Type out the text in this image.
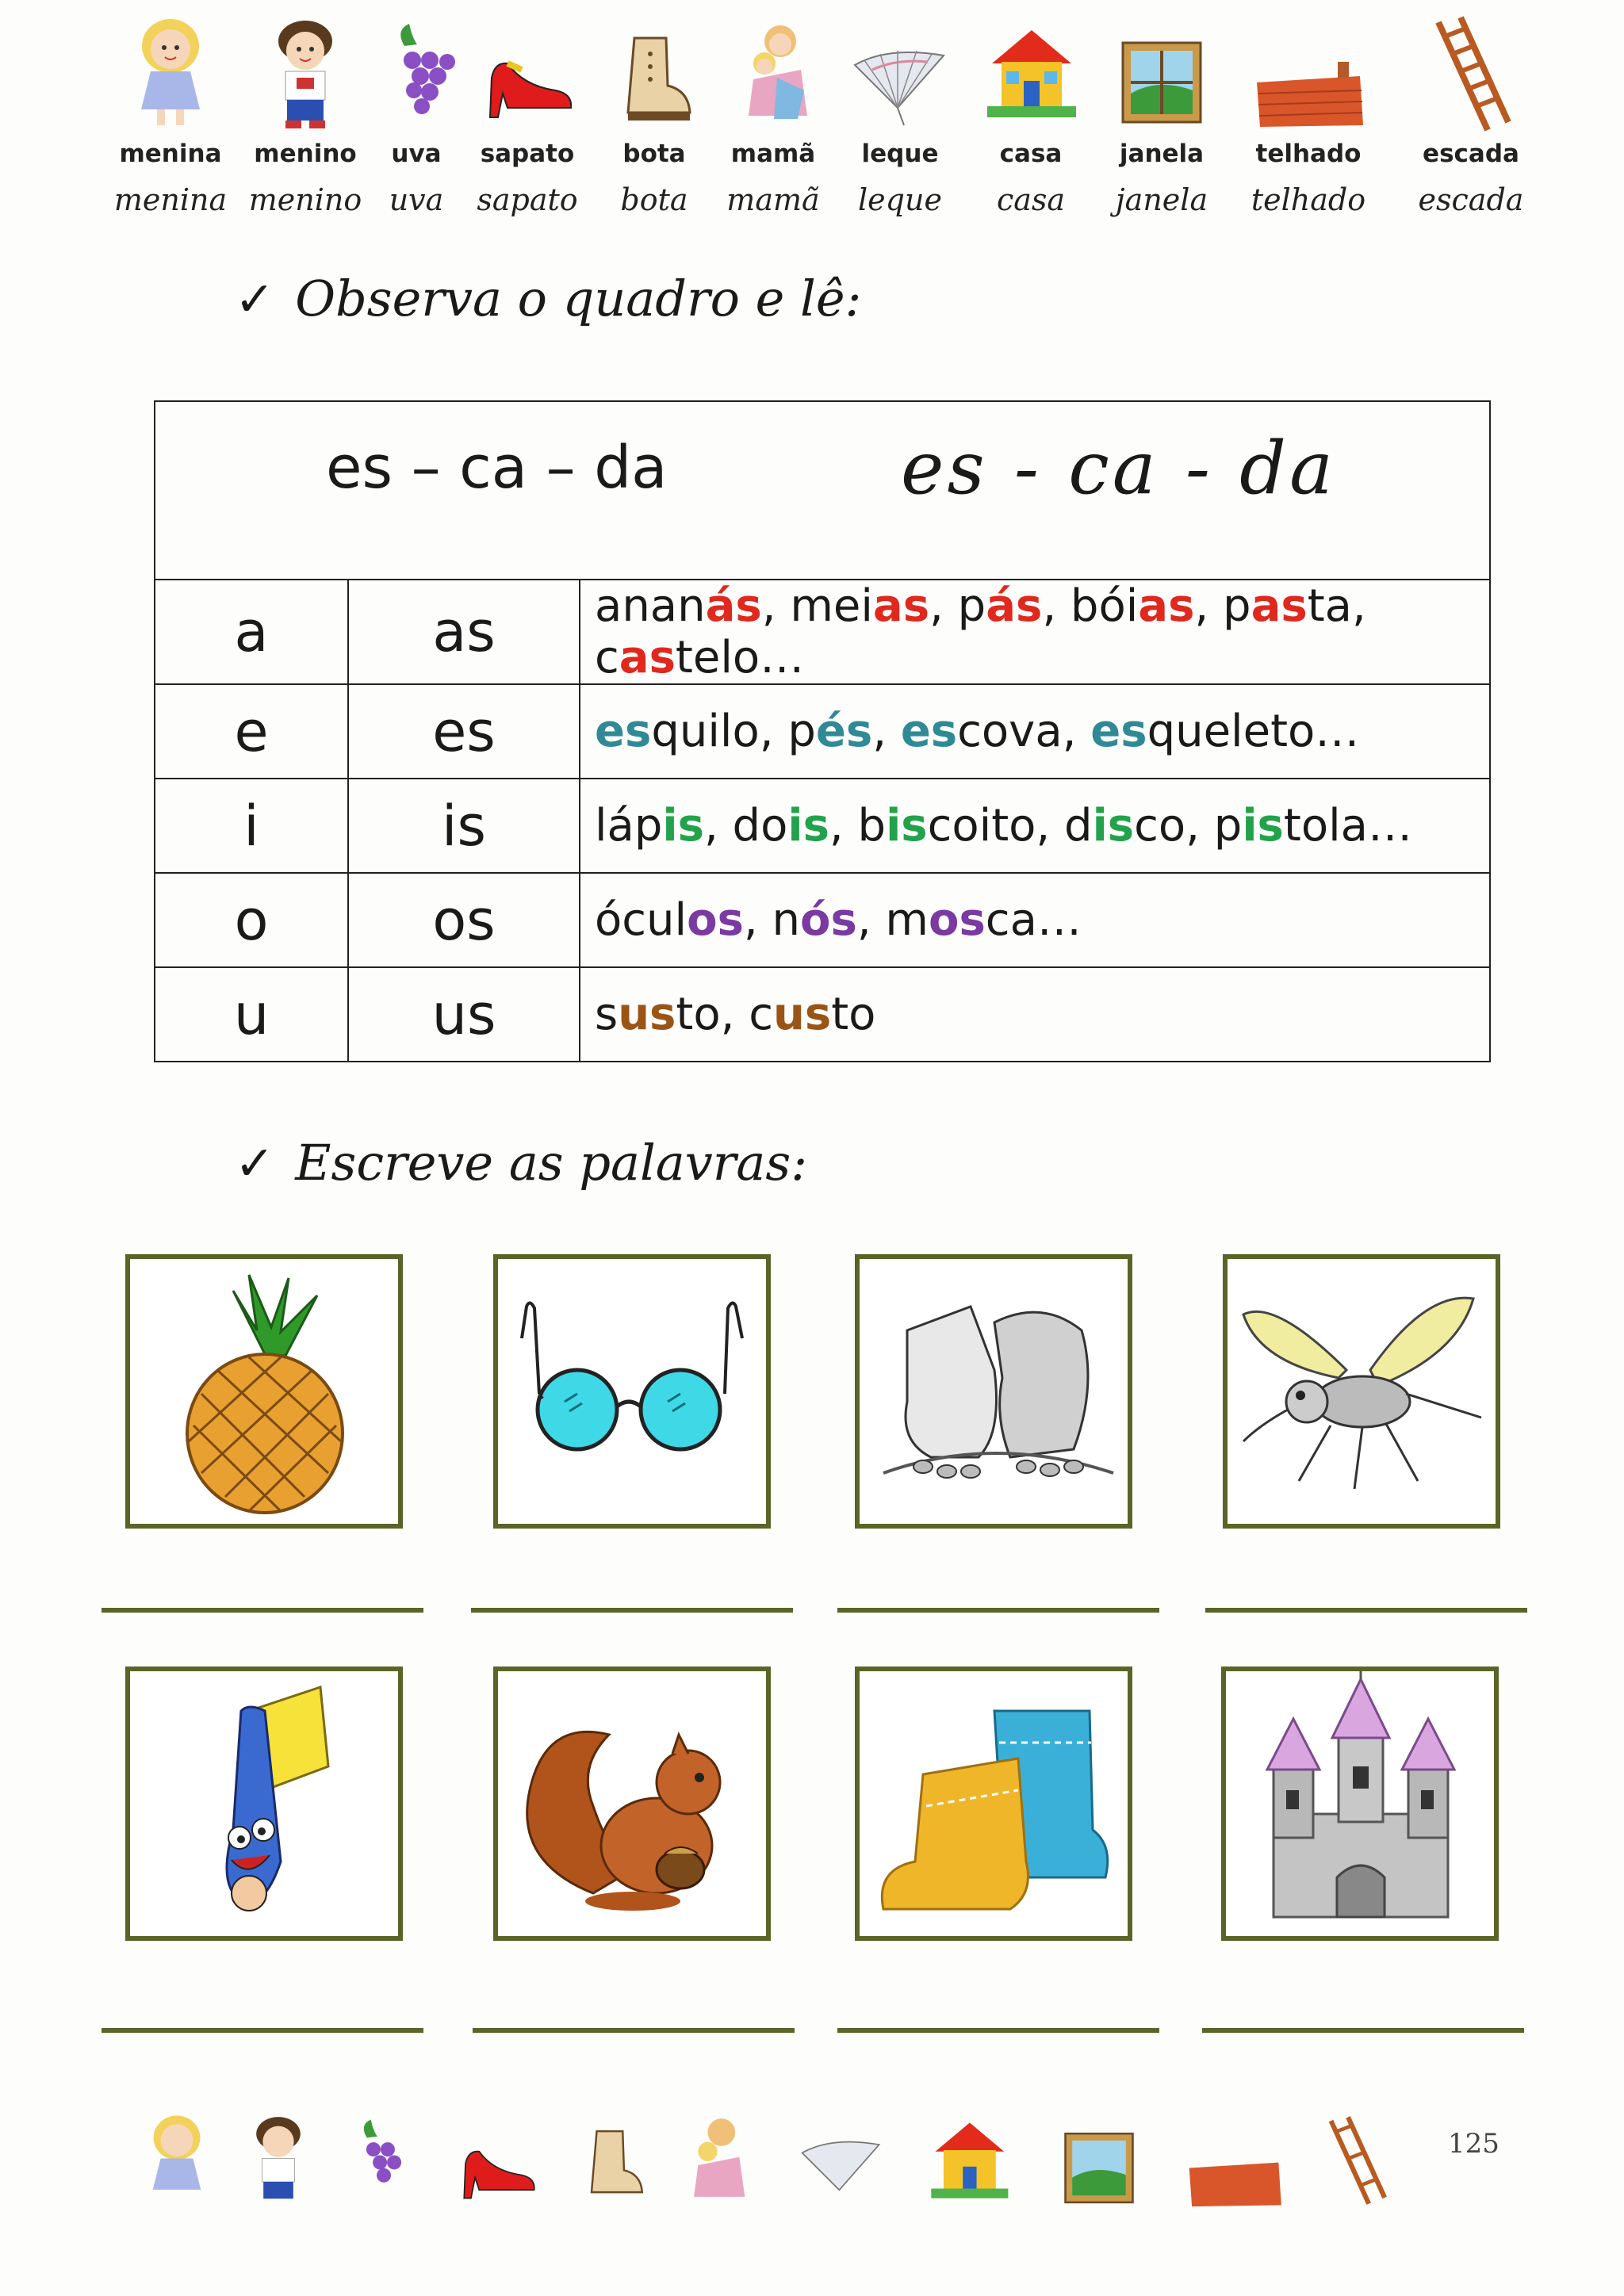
menina
menina
menino
menino
uva
uva
sapato
sapato
bota
bota
mamã
mamã
leque
leque
casa
casa
janela
janela
telhado
telhado
escada
escada
✓ Observa o quadro e lê:
es – ca – da es - ca - da		

a	as	ananás, meias, pás, bóias, pasta, castelo…
e	es	esquilo, pés, escova, esqueleto…
i	is	lápis, dois, biscoito, disco, pistola…
o	os	óculos, nós, mosca…
u	us	susto, custo
✓ Escreve as palavras:
125
